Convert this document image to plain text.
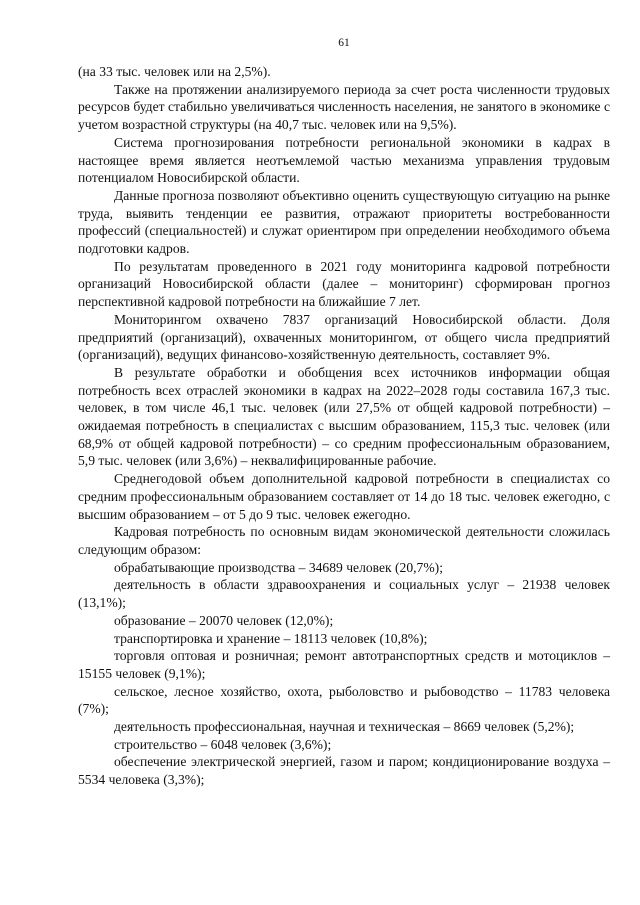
61

(на 33 тыс. человек или на 2,5%).

Также на протяжении анализируемого периода за счет роста численности трудовых ресурсов будет стабильно увеличиваться численность населения, не занятого в экономике с учетом возрастной структуры (на 40,7 тыс. человек или на 9,5%).

Система прогнозирования потребности региональной экономики в кадрах в настоящее время является неотъемлемой частью механизма управления трудовым потенциалом Новосибирской области.

Данные прогноза позволяют объективно оценить существующую ситуацию на рынке труда, выявить тенденции ее развития, отражают приоритеты востребованности профессий (специальностей) и служат ориентиром при определении необходимого объема подготовки кадров.

По результатам проведенного в 2021 году мониторинга кадровой потребности организаций Новосибирской области (далее – мониторинг) сформирован прогноз перспективной кадровой потребности на ближайшие 7 лет.

Мониторингом охвачено 7837 организаций Новосибирской области. Доля предприятий (организаций), охваченных мониторингом, от общего числа предприятий (организаций), ведущих финансово-хозяйственную деятельность, составляет 9%.

В результате обработки и обобщения всех источников информации общая потребность всех отраслей экономики в кадрах на 2022–2028 годы составила 167,3 тыс. человек, в том числе 46,1 тыс. человек (или 27,5% от общей кадровой потребности) – ожидаемая потребность в специалистах с высшим образованием, 115,3 тыс. человек (или 68,9% от общей кадровой потребности) – со средним профессиональным образованием, 5,9 тыс. человек (или 3,6%) – неквалифицированные рабочие.

Среднегодовой объем дополнительной кадровой потребности в специалистах со средним профессиональным образованием составляет от 14 до 18 тыс. человек ежегодно, с высшим образованием – от 5 до 9 тыс. человек ежегодно.

Кадровая потребность по основным видам экономической деятельности сложилась следующим образом:

обрабатывающие производства – 34689 человек (20,7%);

деятельность в области здравоохранения и социальных услуг – 21938 человек (13,1%);

образование – 20070 человек (12,0%);

транспортировка и хранение – 18113 человек (10,8%);

торговля оптовая и розничная; ремонт автотранспортных средств и мотоциклов – 15155 человек (9,1%);

сельское, лесное хозяйство, охота, рыболовство и рыбоводство – 11783 человека (7%);

деятельность профессиональная, научная и техническая – 8669 человек (5,2%);

строительство – 6048 человек (3,6%);

обеспечение электрической энергией, газом и паром; кондиционирование воздуха – 5534 человека (3,3%);
